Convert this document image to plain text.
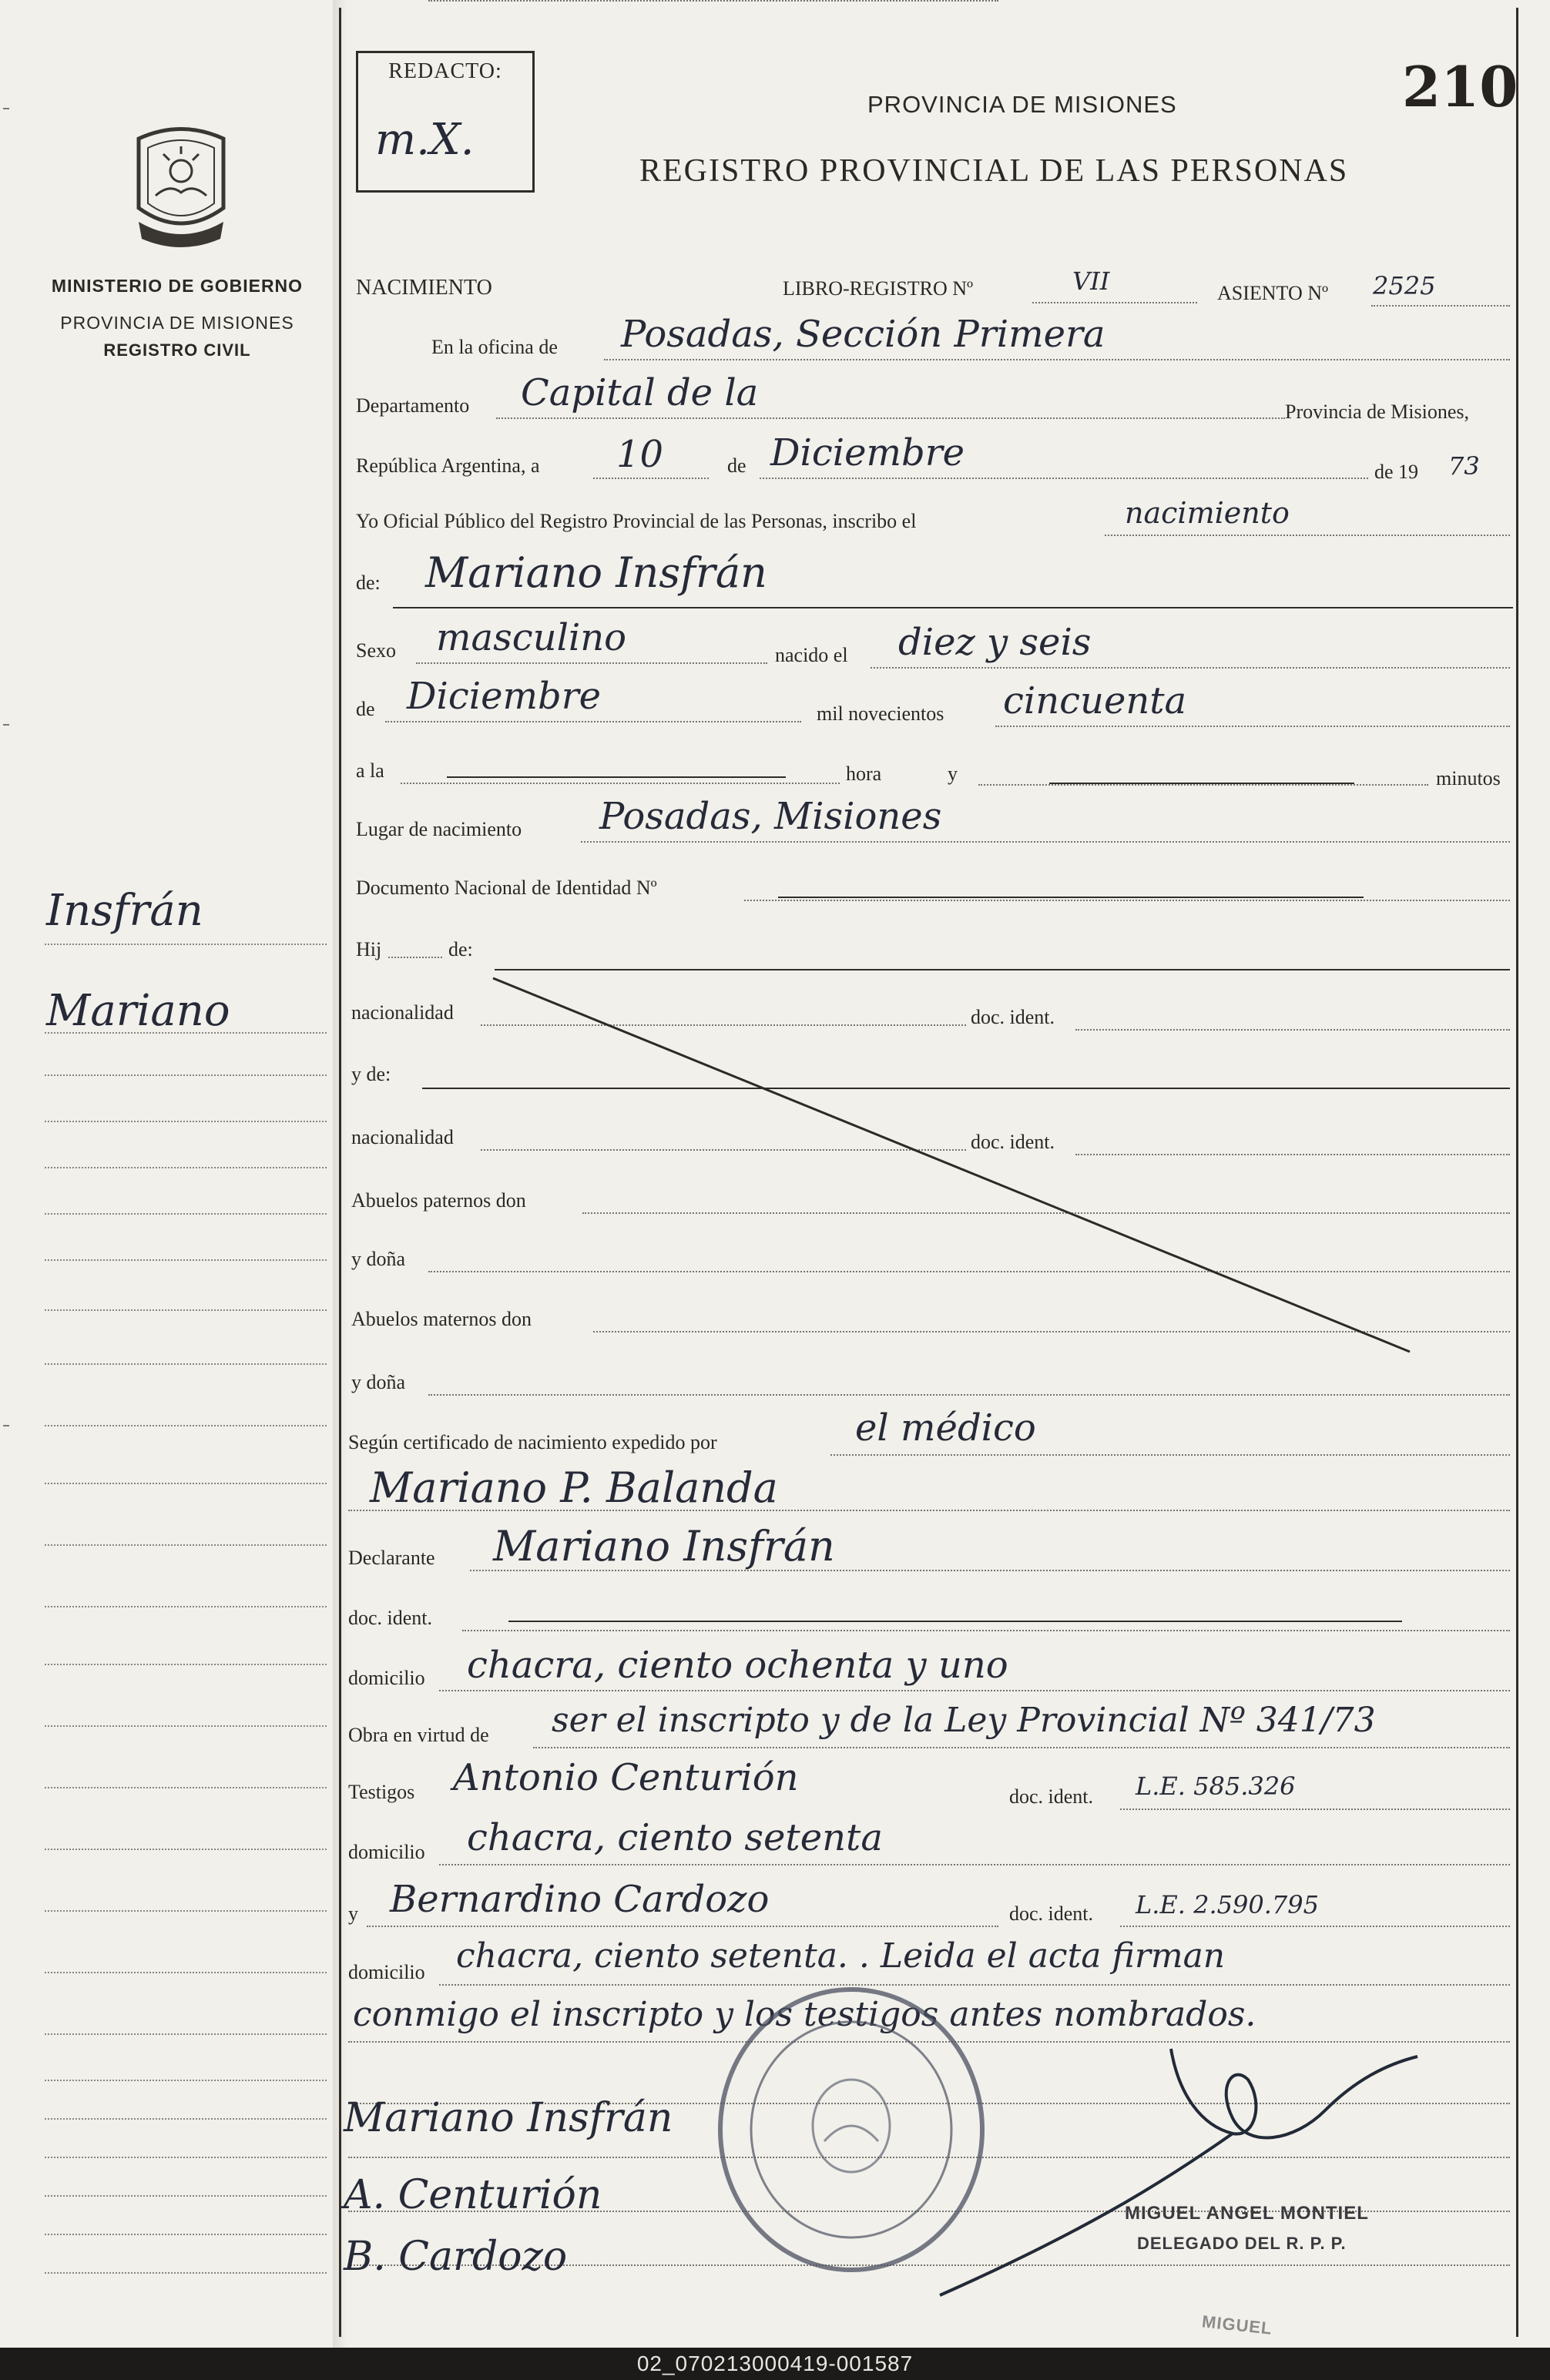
MINISTERIO DE GOBIERNO
PROVINCIA DE MISIONES
REGISTRO CIVIL
Insfrán
Mariano
REDACTO:
m.X.
210
PROVINCIA DE MISIONES
REGISTRO PROVINCIAL DE LAS PERSONAS
NACIMIENTO	LIBRO-REGISTRO Nº	VII	ASIENTO Nº 2525
En la oficina de Posadas, Sección Primera
Departamento Capital de la	Provincia de Misiones,
República Argentina, a 10	de Diciembre	de 19 73
Yo Oficial Público del Registro Provincial de las Personas, inscribo el	nacimiento
de: Mariano Insfrán
Sexo masculino	nacido el diez y seis
de Diciembre	mil novecientos cincuenta
a la	hora	y	minutos
Lugar de nacimiento Posadas, Misiones
Documento Nacional de Identidad Nº
Hij	de:
nacionalidad	doc. ident.
y de:
nacionalidad	doc. ident.
Abuelos paternos don
y doña
Abuelos maternos don
y doña
Según certificado de nacimiento expedido por	el médico
Mariano P. Balanda
Declarante Mariano Insfrán
doc. ident.
domicilio chacra, ciento ochenta y uno
Obra en virtud de ser el inscripto y de la Ley Provincial Nº 341/73
Testigos Antonio Centurión	doc. ident. L.E. 585.326
domicilio chacra, ciento setenta
y Bernardino Cardozo	doc. ident. L.E. 2.590.795
domicilio chacra, ciento setenta. . Leida el acta firman
conmigo el inscripto y los testigos antes nombrados.
Mariano Insfrán
A. Centurión
B. Cardozo
MIGUEL ANGEL MONTIEL
DELEGADO DEL R. P. P.
MIGUEL
02_070213000419-001587
